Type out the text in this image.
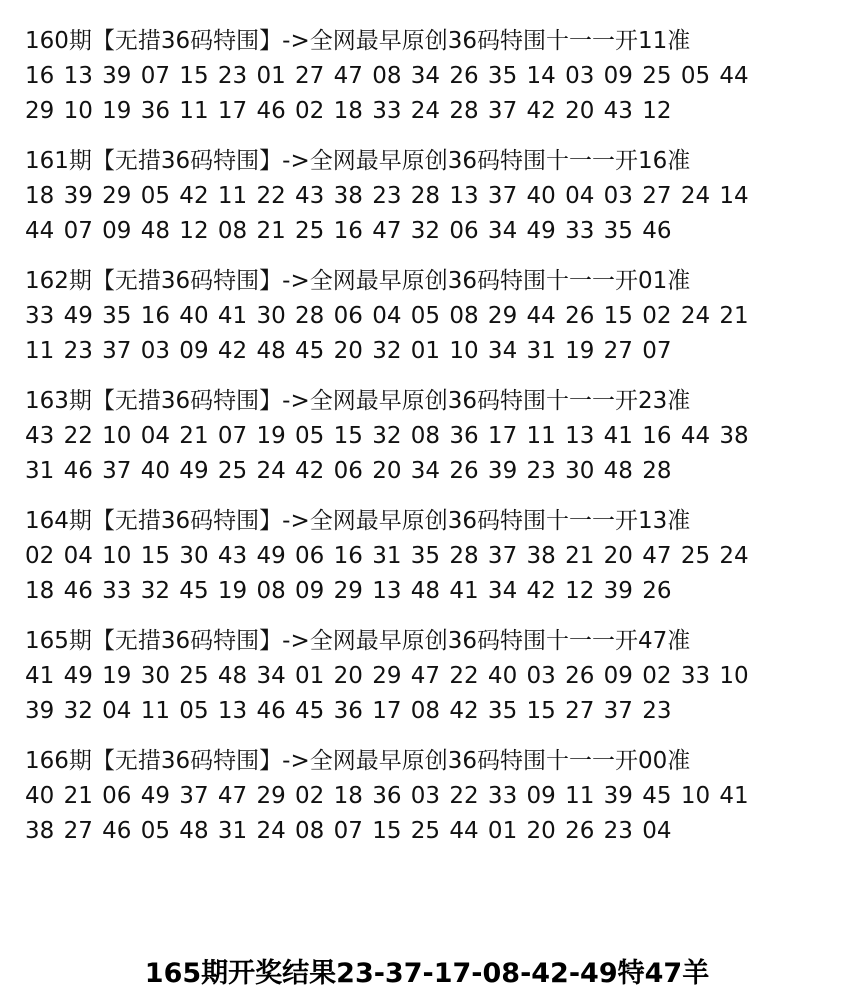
160期【无措36码特围】->全网最早原创36码特围十一一开11准
16 13 39 07 15 23 01 27 47 08 34 26 35 14 03 09 25 05 44
29 10 19 36 11 17 46 02 18 33 24 28 37 42 20 43 12
161期【无措36码特围】->全网最早原创36码特围十一一开16准
18 39 29 05 42 11 22 43 38 23 28 13 37 40 04 03 27 24 14
44 07 09 48 12 08 21 25 16 47 32 06 34 49 33 35 46
162期【无措36码特围】->全网最早原创36码特围十一一开01准
33 49 35 16 40 41 30 28 06 04 05 08 29 44 26 15 02 24 21
11 23 37 03 09 42 48 45 20 32 01 10 34 31 19 27 07
163期【无措36码特围】->全网最早原创36码特围十一一开23准
43 22 10 04 21 07 19 05 15 32 08 36 17 11 13 41 16 44 38
31 46 37 40 49 25 24 42 06 20 34 26 39 23 30 48 28
164期【无措36码特围】->全网最早原创36码特围十一一开13准
02 04 10 15 30 43 49 06 16 31 35 28 37 38 21 20 47 25 24
18 46 33 32 45 19 08 09 29 13 48 41 34 42 12 39 26
165期【无措36码特围】->全网最早原创36码特围十一一开47准
41 49 19 30 25 48 34 01 20 29 47 22 40 03 26 09 02 33 10
39 32 04 11 05 13 46 45 36 17 08 42 35 15 27 37 23
166期【无措36码特围】->全网最早原创36码特围十一一开00准
40 21 06 49 37 47 29 02 18 36 03 22 33 09 11 39 45 10 41
38 27 46 05 48 31 24 08 07 15 25 44 01 20 26 23 04
165期开奖结果23-37-17-08-42-49特47羊
